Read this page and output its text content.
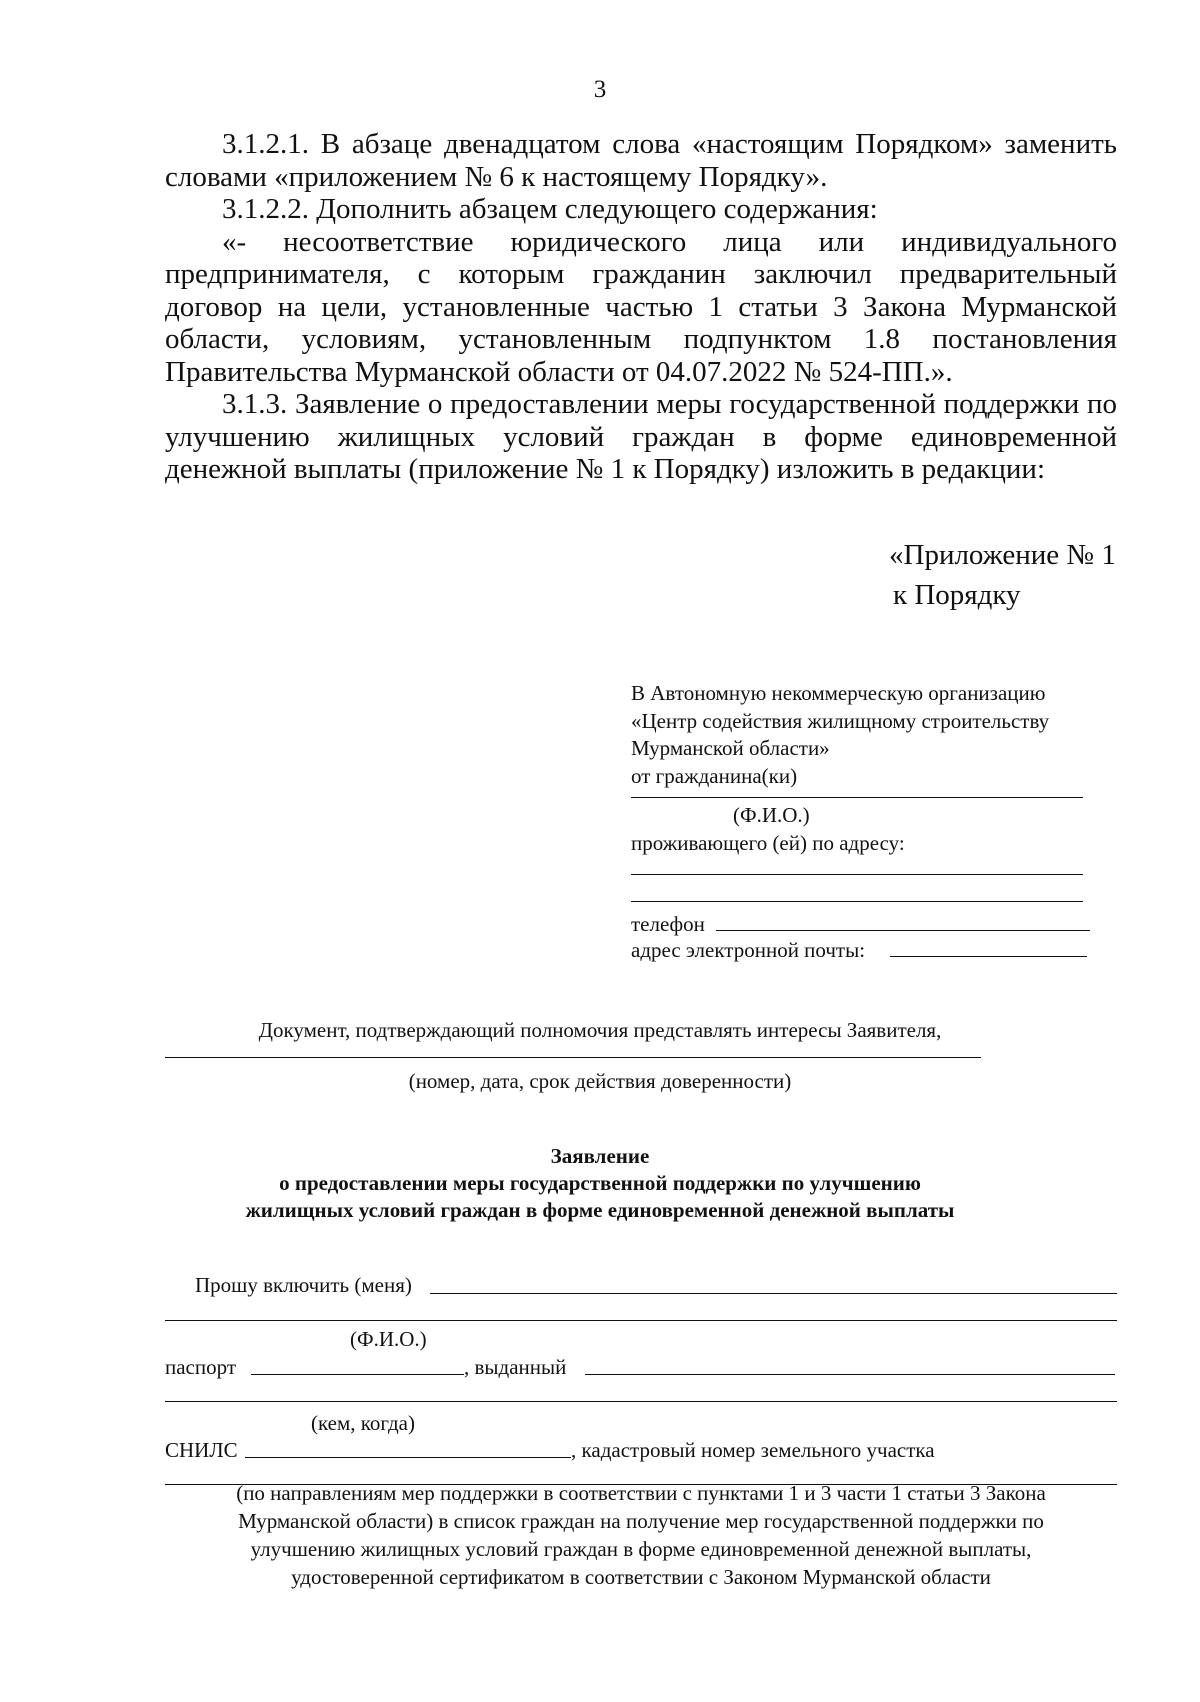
3

3.1.2.1. В абзаце двенадцатом слова «настоящим Порядком» заменить словами «приложением № 6 к настоящему Порядку».

3.1.2.2. Дополнить абзацем следующего содержания:

«- несоответствие юридического лица или индивидуального предпринимателя, с которым гражданин заключил предварительный договор на цели, установленные частью 1 статьи 3 Закона Мурманской области, условиям, установленным подпунктом 1.8 постановления Правительства Мурманской области от 04.07.2022 № 524-ПП.».

3.1.3. Заявление о предоставлении меры государственной поддержки по улучшению жилищных условий граждан в форме единовременной денежной выплаты (приложение № 1 к Порядку) изложить в редакции:

«Приложение № 1
к Порядку
В Автономную некоммерческую организацию
«Центр содействия жилищному строительству
Мурманской области»
от гражданина(ки)
(Ф.И.О.)
проживающего (ей) по адресу:
телефон
адрес электронной почты:
Документ, подтверждающий полномочия представлять интересы Заявителя,
(номер, дата, срок действия доверенности)
Заявление
о предоставлении меры государственной поддержки по улучшению
жилищных условий граждан в форме единовременной денежной выплаты
Прошу включить (меня)
(Ф.И.О.)
паспорт	, выданный
(кем, когда)
СНИЛС	, кадастровый номер земельного участка
(по направлениям мер поддержки в соответствии с пунктами 1 и 3 части 1 статьи 3 Закона
Мурманской области) в список граждан на получение мер государственной поддержки по
улучшению жилищных условий граждан в форме единовременной денежной выплаты,
удостоверенной сертификатом в соответствии с Законом Мурманской области
